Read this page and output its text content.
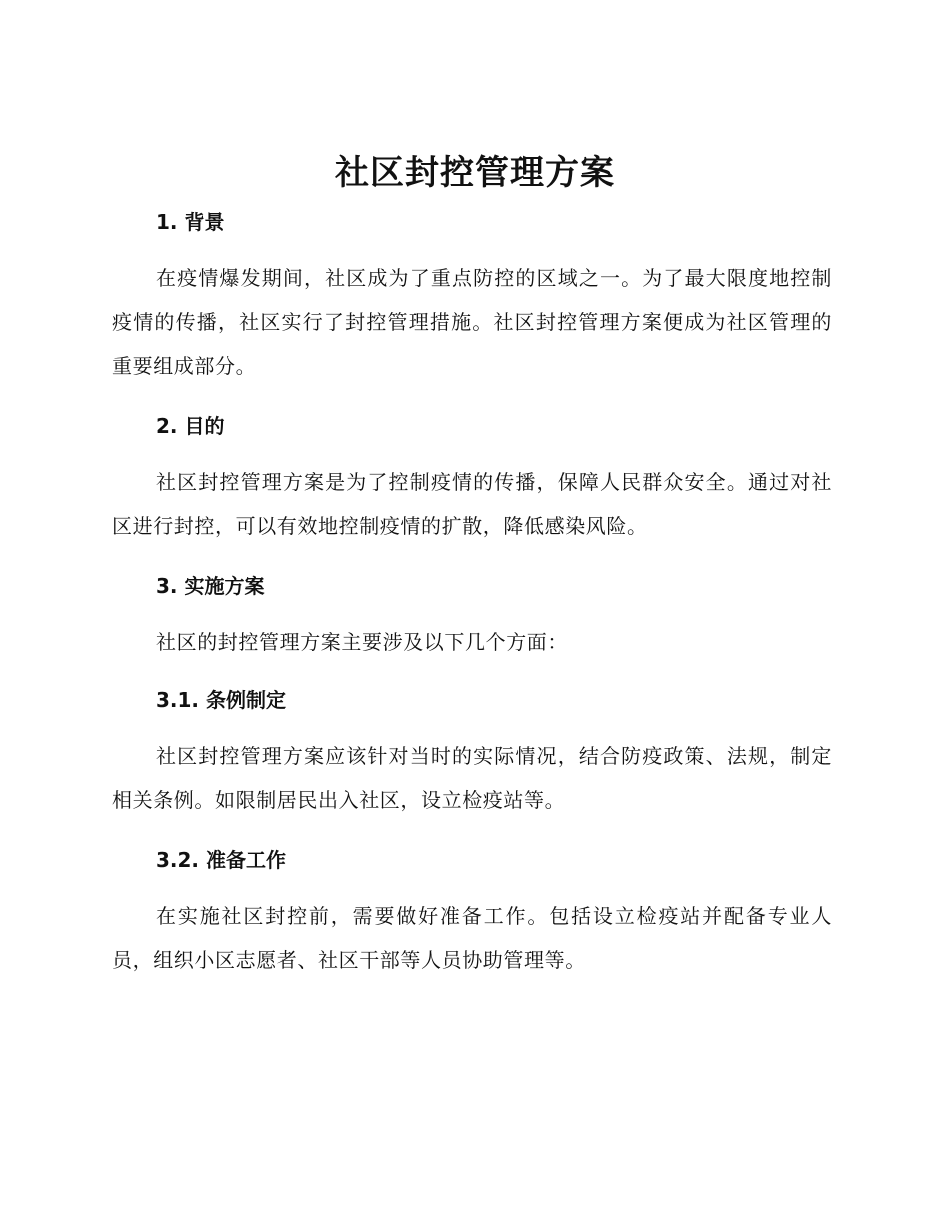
社区封控管理方案
1. 背景

在疫情爆发期间，社区成为了重点防控的区域之一。为了最大限度地控制疫情的传播，社区实行了封控管理措施。社区封控管理方案便成为社区管理的重要组成部分。

2. 目的

社区封控管理方案是为了控制疫情的传播，保障人民群众安全。通过对社区进行封控，可以有效地控制疫情的扩散，降低感染风险。

3. 实施方案

社区的封控管理方案主要涉及以下几个方面：

3.1. 条例制定

社区封控管理方案应该针对当时的实际情况，结合防疫政策、法规，制定相关条例。如限制居民出入社区，设立检疫站等。

3.2. 准备工作

在实施社区封控前，需要做好准备工作。包括设立检疫站并配备专业人员，组织小区志愿者、社区干部等人员协助管理等。
